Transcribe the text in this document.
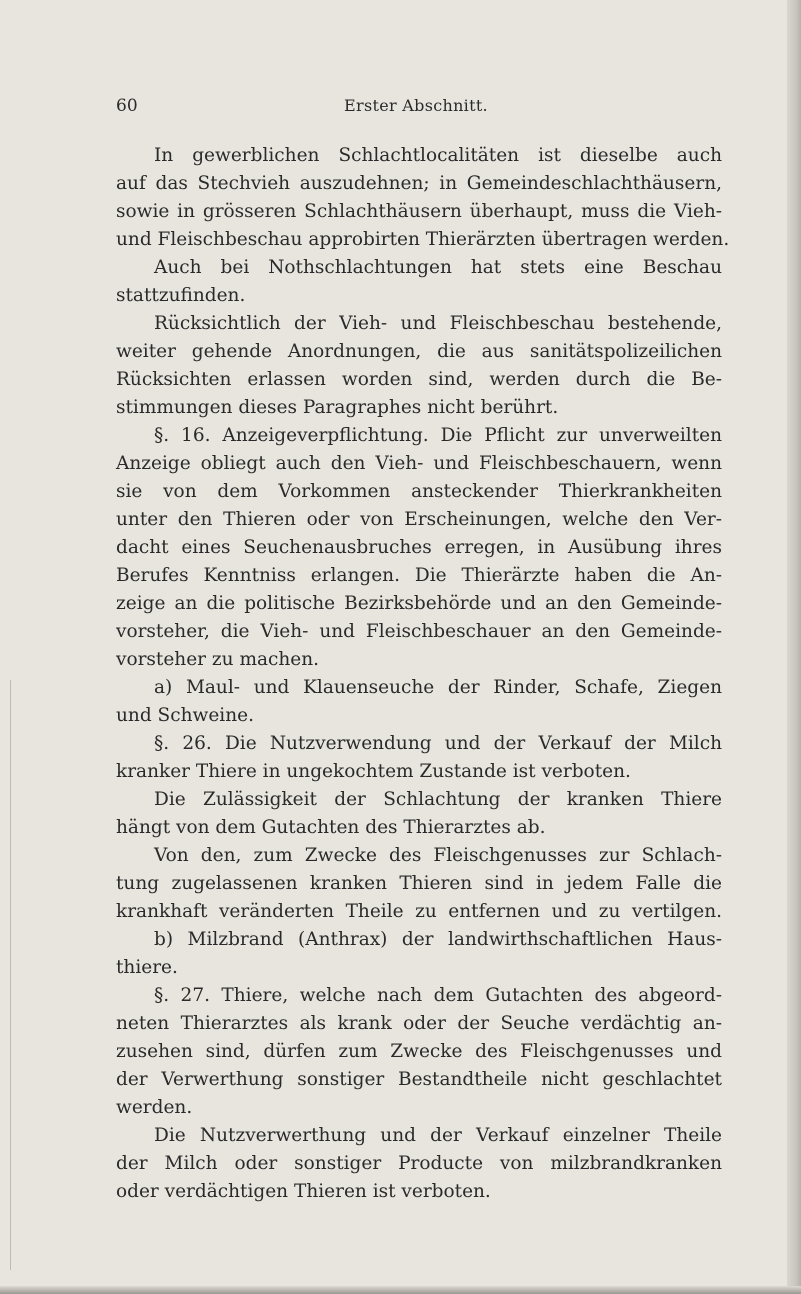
60	Erster Abschnitt.
In gewerblichen Schlachtlocalitäten ist dieselbe auch
auf das Stechvieh auszudehnen; in Gemeindeschlachthäusern,
sowie in grösseren Schlachthäusern überhaupt, muss die Vieh-
und Fleischbeschau approbirten Thierärzten übertragen werden.
Auch bei Nothschlachtungen hat stets eine Beschau
stattzufinden.
Rücksichtlich der Vieh- und Fleischbeschau bestehende,
weiter gehende Anordnungen, die aus sanitätspolizeilichen
Rücksichten erlassen worden sind, werden durch die Be-
stimmungen dieses Paragraphes nicht berührt.
§. 16. Anzeigeverpflichtung. Die Pflicht zur unverweilten
Anzeige obliegt auch den Vieh- und Fleischbeschauern, wenn
sie von dem Vorkommen ansteckender Thierkrankheiten
unter den Thieren oder von Erscheinungen, welche den Ver-
dacht eines Seuchenausbruches erregen, in Ausübung ihres
Berufes Kenntniss erlangen. Die Thierärzte haben die An-
zeige an die politische Bezirksbehörde und an den Gemeinde-
vorsteher, die Vieh- und Fleischbeschauer an den Gemeinde-
vorsteher zu machen.
a) Maul- und Klauenseuche der Rinder, Schafe, Ziegen
und Schweine.
§. 26. Die Nutzverwendung und der Verkauf der Milch
kranker Thiere in ungekochtem Zustande ist verboten.
Die Zulässigkeit der Schlachtung der kranken Thiere
hängt von dem Gutachten des Thierarztes ab.
Von den, zum Zwecke des Fleischgenusses zur Schlach-
tung zugelassenen kranken Thieren sind in jedem Falle die
krankhaft veränderten Theile zu entfernen und zu vertilgen.
b) Milzbrand (Anthrax) der landwirthschaftlichen Haus-
thiere.
§. 27. Thiere, welche nach dem Gutachten des abgeord-
neten Thierarztes als krank oder der Seuche verdächtig an-
zusehen sind, dürfen zum Zwecke des Fleischgenusses und
der Verwerthung sonstiger Bestandtheile nicht geschlachtet
werden.
Die Nutzverwerthung und der Verkauf einzelner Theile
der Milch oder sonstiger Producte von milzbrandkranken
oder verdächtigen Thieren ist verboten.
